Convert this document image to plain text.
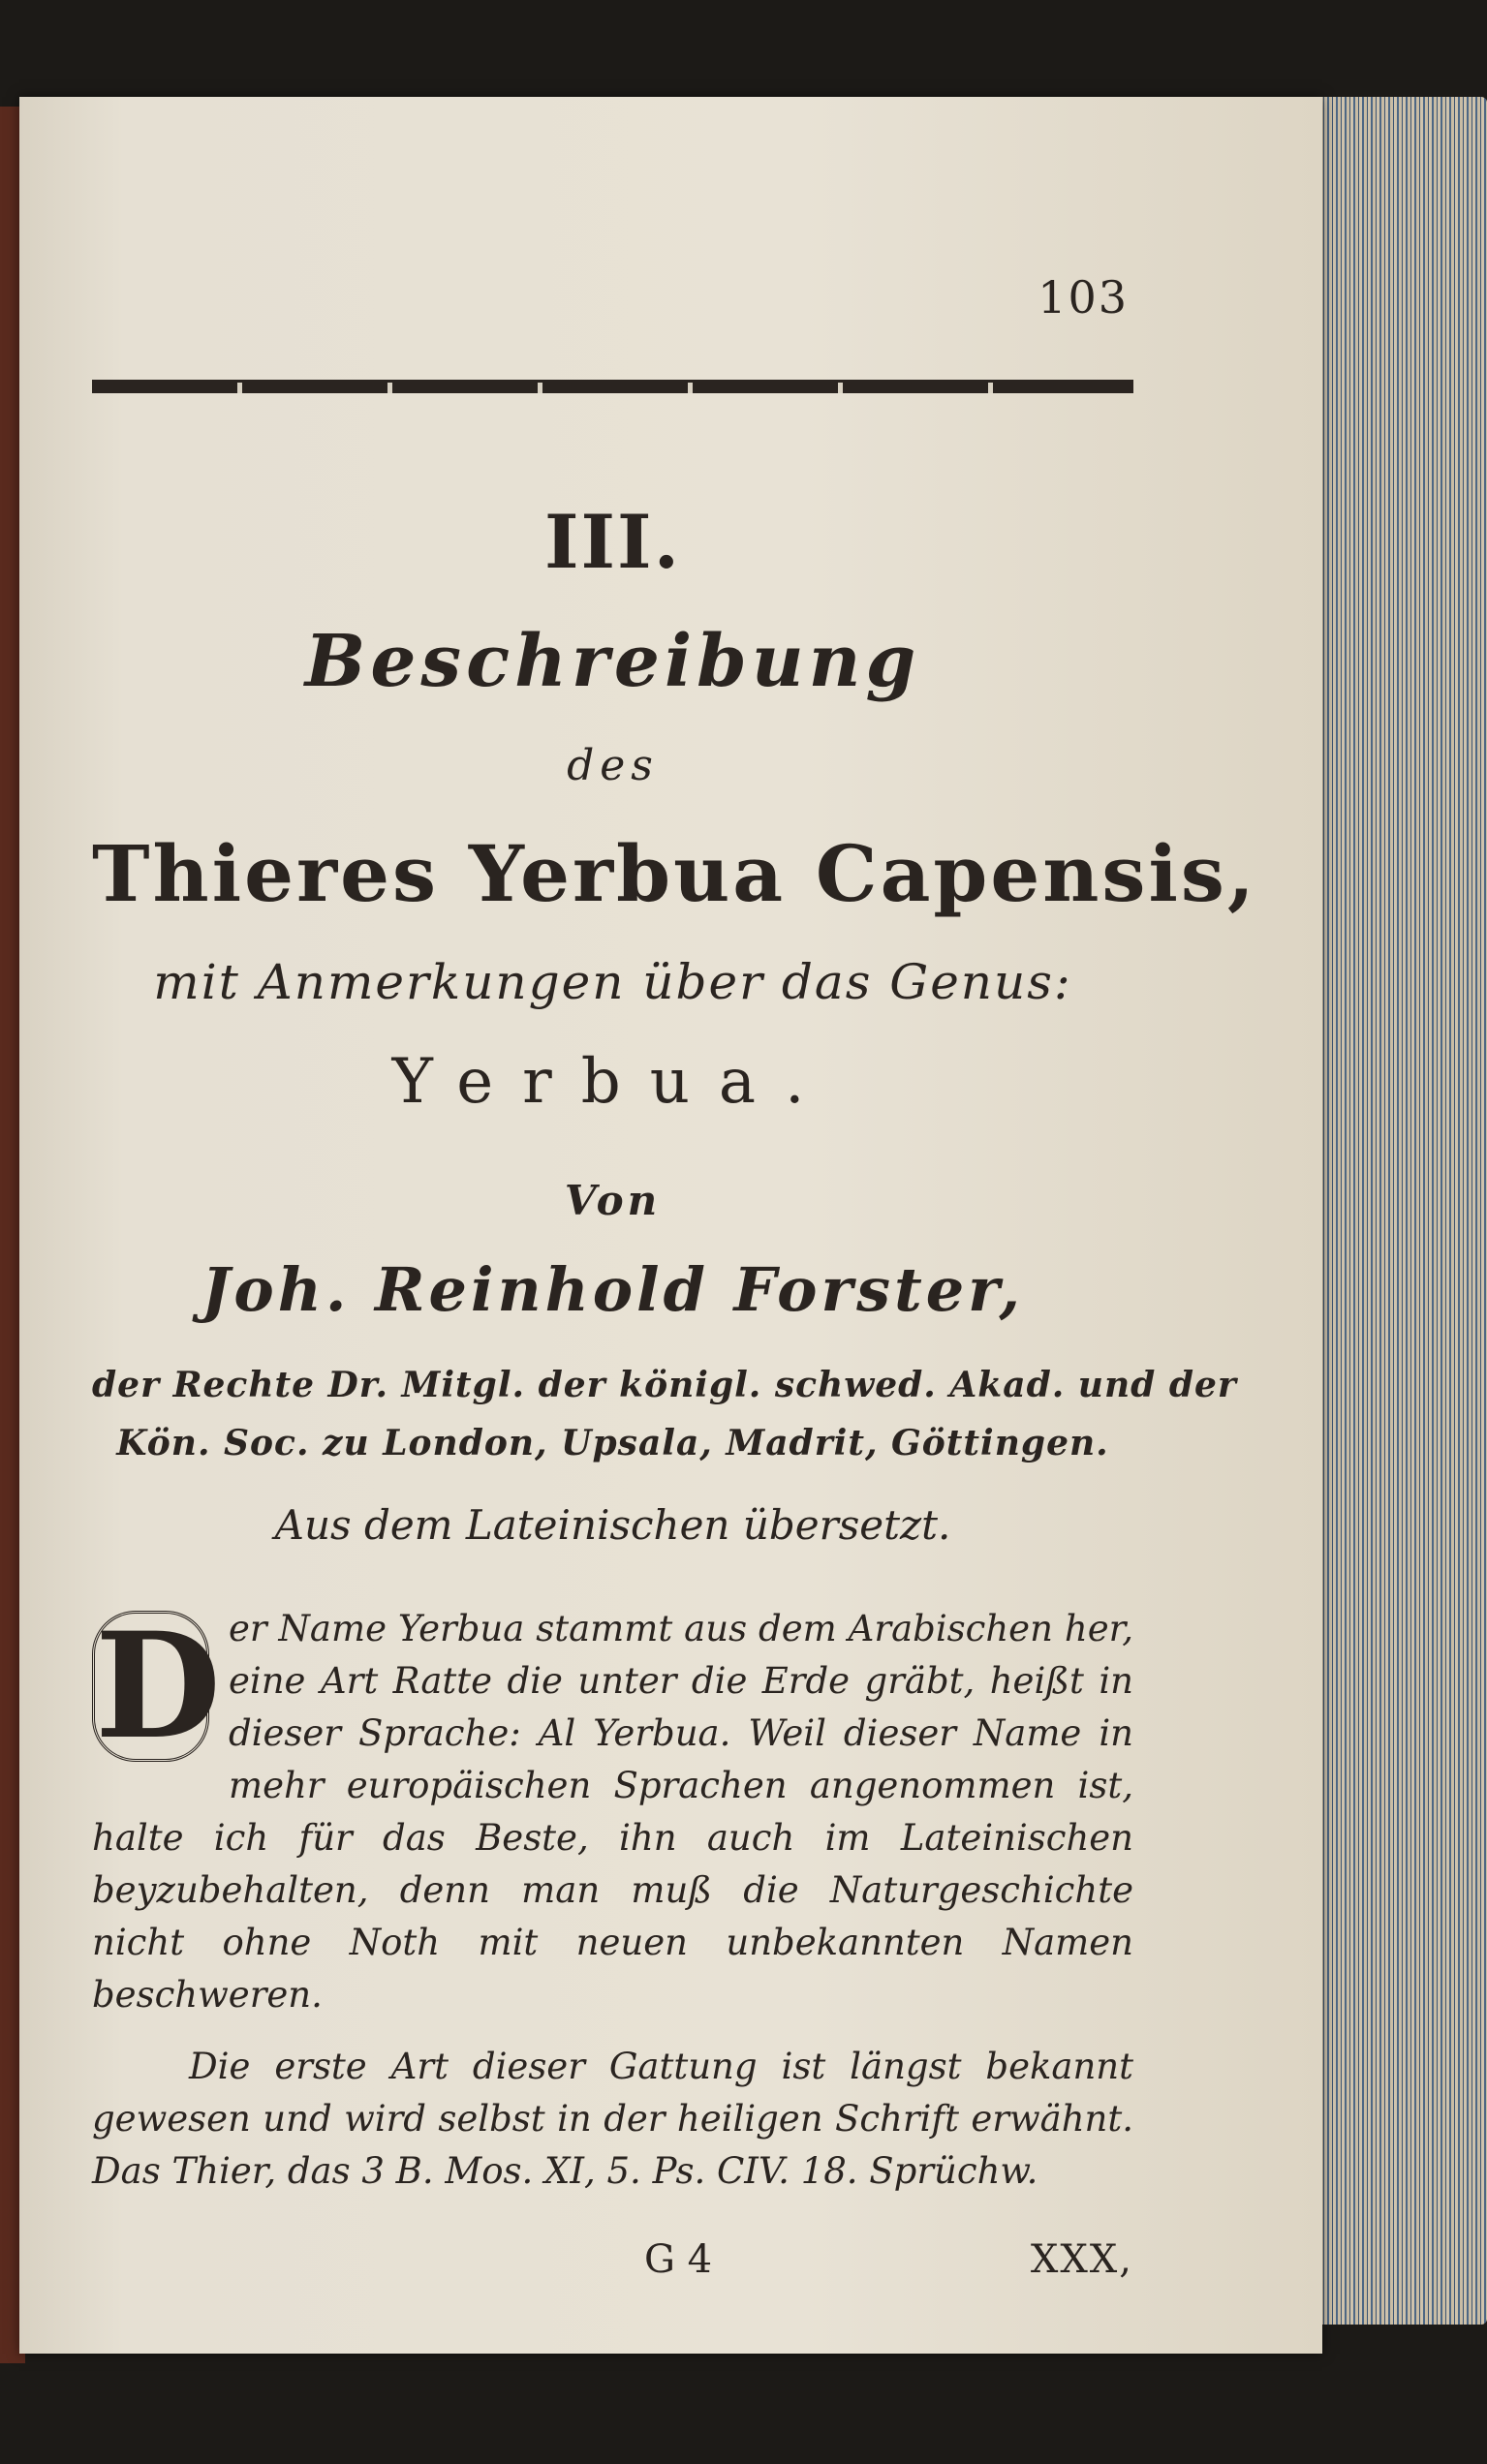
103
III.
Beschreibung
des
Thieres Yerbua Capensis,
mit Anmerkungen über das Genus:
Yerbua.
Von
Joh. Reinhold Forster,
der Rechte Dr. Mitgl. der königl. schwed. Akad. und der
Kön. Soc. zu London, Upsala, Madrit, Göttingen.
Aus dem Lateinischen übersetzt.
D er Name Yerbua stammt aus dem Arabischen her, eine Art Ratte die unter die Erde gräbt, heißt in dieser Sprache: Al Yerbua. Weil dieser Name in mehr europäischen Sprachen angenommen ist, halte ich für das Beste, ihn auch im Lateinischen beyzubehalten, denn man muß die Naturgeschichte nicht ohne Noth mit neuen unbekannten Namen beschweren.
Die erste Art dieser Gattung ist längst bekannt gewesen und wird selbst in der heiligen Schrift erwähnt. Das Thier, das 3 B. Mos. XI, 5. Ps. CIV. 18. Sprüchw.
G 4	XXX,
